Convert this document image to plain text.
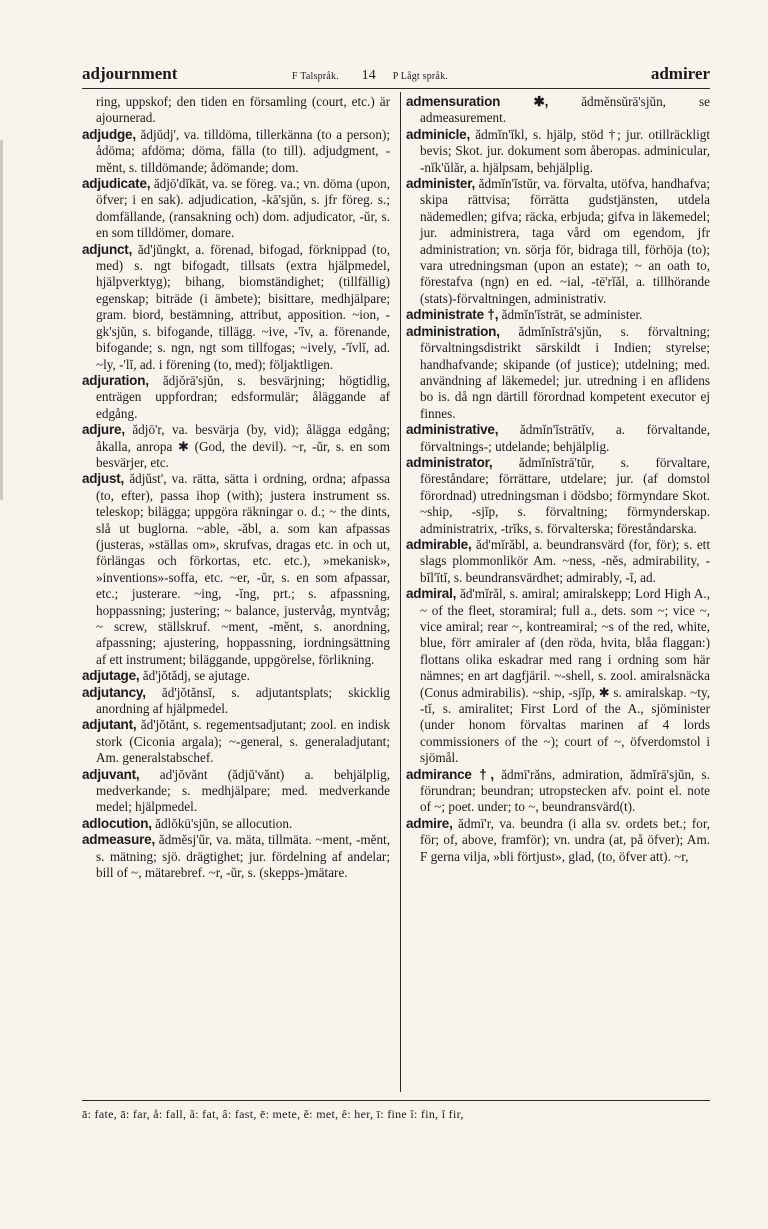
adjournment	F Talspråk. 14 P Lågt språk.	admirer

ring, uppskof; den tiden en församling (court, etc.) är ajournerad.

adjudge, ădjŭdj', va. tilldöma, tillerkänna (to a person); ådöma; afdöma; döma, fälla (to till). adjudgment, -mĕnt, s. tilldömande; ådömande; dom.

adjudicate, ădjō'dĭkāt, va. se föreg. va.; vn. döma (upon, öfver; i en sak). adjudication, -kā'sjŭn, s. jfr föreg. s.; domfällande, (ransakning och) dom. adjudicator, -ŭr, s. en som tilldömer, domare.

adjunct, ăd'jŭngkt, a. förenad, bifogad, förknippad (to, med) s. ngt bifogadt, tillsats (extra hjälpmedel, hjälpverktyg); bihang, biomständighet; (tillfällig) egenskap; biträde (i ämbete); bisittare, medhjälpare; gram. biord, bestämning, attribut, apposition. ~ion, -gk'sjŭn, s. bifogande, tillägg. ~ive, -'ĭv, a. förenande, bifogande; s. ngn, ngt som tillfogas; ~ively, -'ĭvlĭ, ad. ~ly, -'lĭ, ad. i förening (to, med); följaktligen.

adjuration, ădjŏrā'sjŭn, s. besvärjning; högtidlig, enträgen uppfordran; edsformulär; åläggande af edgång.

adjure, ădjō'r, va. besvärja (by, vid); ålägga edgång; åkalla, anropa ✱ (God, the devil). ~r, -ŭr, s. en som besvärjer, etc.

adjust, ădjŭst', va. rätta, sätta i ordning, ordna; afpassa (to, efter), passa ihop (with); justera instrument ss. teleskop; bilägga; uppgöra räkningar o. d.; ~ the dints, slå ut buglorna. ~able, -ăbl, a. som kan afpassas (justeras, »ställas om», skrufvas, dragas etc. in och ut, förlängas och förkortas, etc. etc.), »mekanisk», »inventions»-soffa, etc. ~er, -ŭr, s. en som afpassar, etc.; justerare. ~ing, -ĭng, prt.; s. afpassning, hoppassning; justering; ~ balance, justervåg, myntvåg; ~ screw, ställskruf. ~ment, -mĕnt, s. anordning, afpassning; ajustering, hoppassning, iordningsättning af ett instrument; biläggande, uppgörelse, förlikning.

adjutage, ăd'jŏtădj, se ajutage.

adjutancy, ăd'jŏtănsĭ, s. adjutantsplats; skicklig anordning af hjälpmedel.

adjutant, ăd'jŏtănt, s. regementsadjutant; zool. en indisk stork (Ciconia argala); ~-general, s. generaladjutant; Am. generalstabschef.

adjuvant, ad'jŏvănt (ădjŭ'vănt) a. behjälplig, medverkande; s. medhjälpare; med. medverkande medel; hjälpmedel.

adlocution, ădlŏkū'sjŭn, se allocution.

admeasure, ădmĕsj'ŭr, va. mäta, tillmäta. ~ment, -mĕnt, s. mätning; sjö. drägtighet; jur. fördelning af andelar; bill of ~, mätarebref. ~r, -ŭr, s. (skepps-)mätare.

admensuration ✱,	ădmĕnsŭrā'sjŭn, se admeasurement.

adminicle, ădmĭn'ĭkl, s. hjälp, stöd †; jur. otillräckligt bevis; Skot. jur. dokument som åberopas. adminicular, -nĭk'ŭlăr, a. hjälpsam, behjälplig.

administer, ădmĭn'ĭstŭr, va. förvalta, utöfva, handhafva; skipa rättvisa; förrätta gudstjänsten, utdela nädemedlen; gifva; räcka, erbjuda; gifva in läkemedel; jur. administrera, taga vård om egendom, jfr administration; vn. sörja för, bidraga till, förhöja (to); vara utredningsman (upon an estate); ~ an oath to, förestafva (ngn) en ed. ~ial, -tē'rĭăl, a. tillhörande (stats)-förvaltningen, administrativ.

administrate †, ădmĭn'ĭstrāt, se administer.

administration, ădmĭnĭstrā'sjŭn, s. förvaltning; förvaltningsdistrikt särskildt i Indien; styrelse; handhafvande; skipande (of justice); utdelning; med. användning af läkemedel; jur. utredning i en aflidens bo is. då ngn därtill förordnad kompetent executor ej finnes.

administrative, ădmĭn'ĭstrātĭv, a. förvaltande, förvaltnings-; utdelande; behjälplig.

administrator, ădmĭnĭstrā'tŭr, s. förvaltare, föreståndare; förrättare, utdelare; jur. (af domstol förordnad) utredningsman i dödsbo; förmyndare Skot. ~ship, -sjĭp, s. förvaltning; förmynderskap. administratrix, -trĭks, s. förvalterska; föreståndarska.

admirable, ăd'mĭrăbl, a. beundransvärd (for, för); s. ett slags plommonlikör Am. ~ness, -nĕs, admirability, -bĭl'ĭtĭ, s. beundransvärdhet; admirably, -ĭ, ad.

admiral, ăd'mĭrăl, s. amiral; amiralskepp; Lord High A., ~ of the fleet, storamiral; full a., dets. som ~; vice ~, vice amiral; rear ~, kontreamiral; ~s of the red, white, blue, förr amiraler af (den röda, hvita, blåa flaggan:) flottans olika eskadrar med rang i ordning som här nämnes; en art dagfjäril. ~-shell, s. zool. amiralsnäcka (Conus admirabilis). ~ship, -sjĭp, ✱ s. amiralskap. ~ty, -tĭ, s. amiralitet; First Lord of the A., sjöminister (under honom förvaltas marinen af 4 lords commissioners of the ~); court of ~, öfverdomstol i sjömål.

admirance †, ădmī'răns, admiration, ădmĭrā'sjŭn, s. förundran; beundran; utropstecken afv. point el. note of ~; poet. under; to ~, beundransvärd(t).

admire, ădmī'r, va. beundra (i alla sv. ordets bet.; for, för; of, above, framför); vn. undra (at, på öfver); Am. F gerna vilja, »bli förtjust», glad, (to, öfver att). ~r,

ā: fate, ā: far, å: fall, ă: fat, â: fast, ē: mete, ĕ: met, ê: her, ī: fine ĭ: fin, ĭ fir,
